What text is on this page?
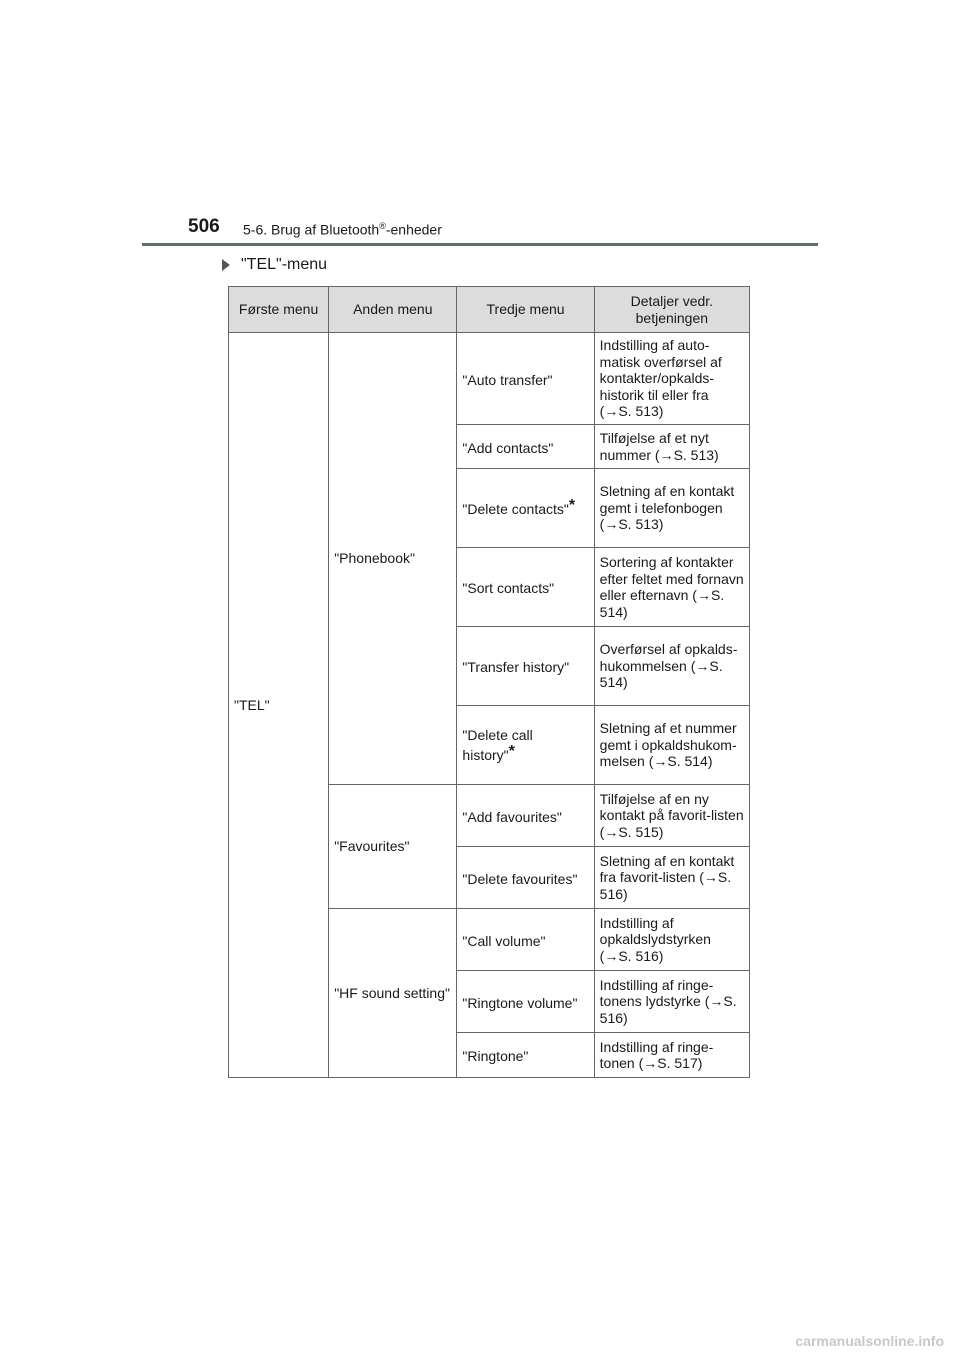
506 5-6. Brug af Bluetooth®-enheder
"TEL"-menu
Første menu	Anden menu	Tredje menu	Detaljer vedr. betjeningen
"TEL"	"Phonebook"	"Auto transfer"	Indstilling af auto-matisk overførsel af kontakter/opkalds-historik til eller fra (→S. 513)
		"Add contacts"	Tilføjelse af et nyt nummer (→S. 513)
		"Delete contacts"*	Sletning af en kontakt gemt i telefonbogen (→S. 513)
		"Sort contacts"	Sortering af kontakter efter feltet med fornavn eller efternavn (→S. 514)
		"Transfer history"	Overførsel af opkalds-hukommelsen (→S. 514)
		"Delete call history"*	Sletning af et nummer gemt i opkaldshukom-melsen (→S. 514)
	"Favourites"	"Add favourites"	Tilføjelse af en ny kontakt på favorit-listen (→S. 515)
		"Delete favourites"	Sletning af en kontakt fra favorit-listen (→S. 516)
	"HF sound setting"	"Call volume"	Indstilling af opkaldslydstyrken (→S. 516)
		"Ringtone volume"	Indstilling af ringe-tonens lydstyrke (→S. 516)
		"Ringtone"	Indstilling af ringe-tonen (→S. 517)
carmanualsonline.info
